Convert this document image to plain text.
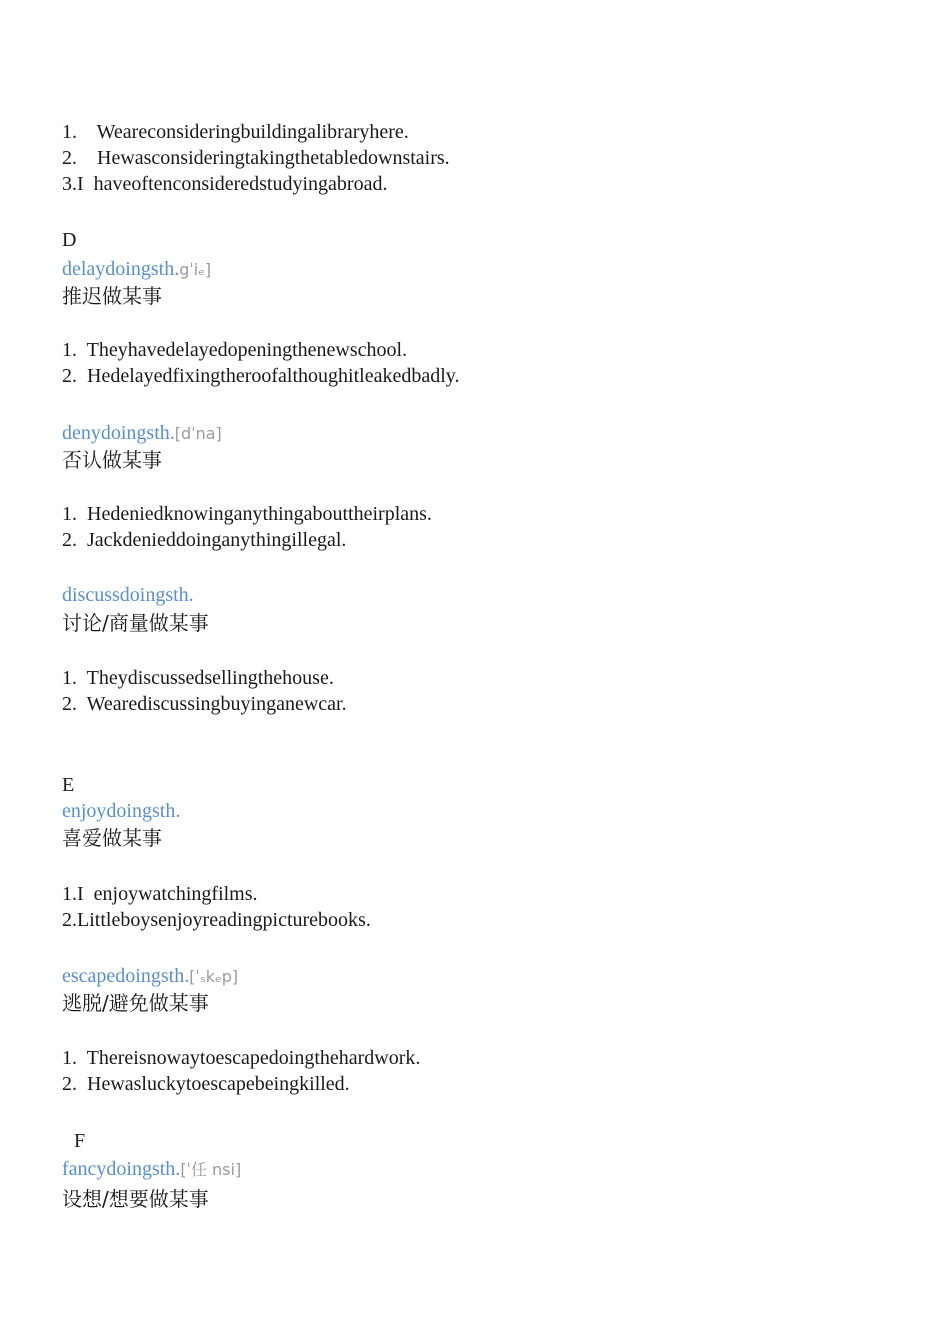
1.    Weareconsideringbuildingalibraryhere.
2.    Hewasconsideringtakingthetabledownstairs.
3.I  haveoftenconsideredstudyingabroad.
D
delaydoingsth.gˈiₑ]
推迟做某事
1.  Theyhavedelayedopeningthenewschool.
2.  Hedelayedfixingtheroofalthoughitleakedbadly.
denydoingsth.[dˈna]
否认做某事
1.  Hedeniedknowinganythingabouttheirplans.
2.  Jackdenieddoinganythingillegal.
discussdoingsth.
讨论/商量做某事
1.  Theydiscussedsellingthehouse.
2.  Wearediscussingbuyinganewcar.
E
enjoydoingsth.
喜爱做某事
1.I  enjoywatchingfilms.
2.Littleboysenjoyreadingpicturebooks.
escapedoingsth.[ˈₛkₑp]
逃脱/避免做某事
1.  Thereisnowaytoescapedoingthehardwork.
2.  Hewasluckytoescapebeingkilled.
F
fancydoingsth.[ˈ任 nsi]
设想/想要做某事
